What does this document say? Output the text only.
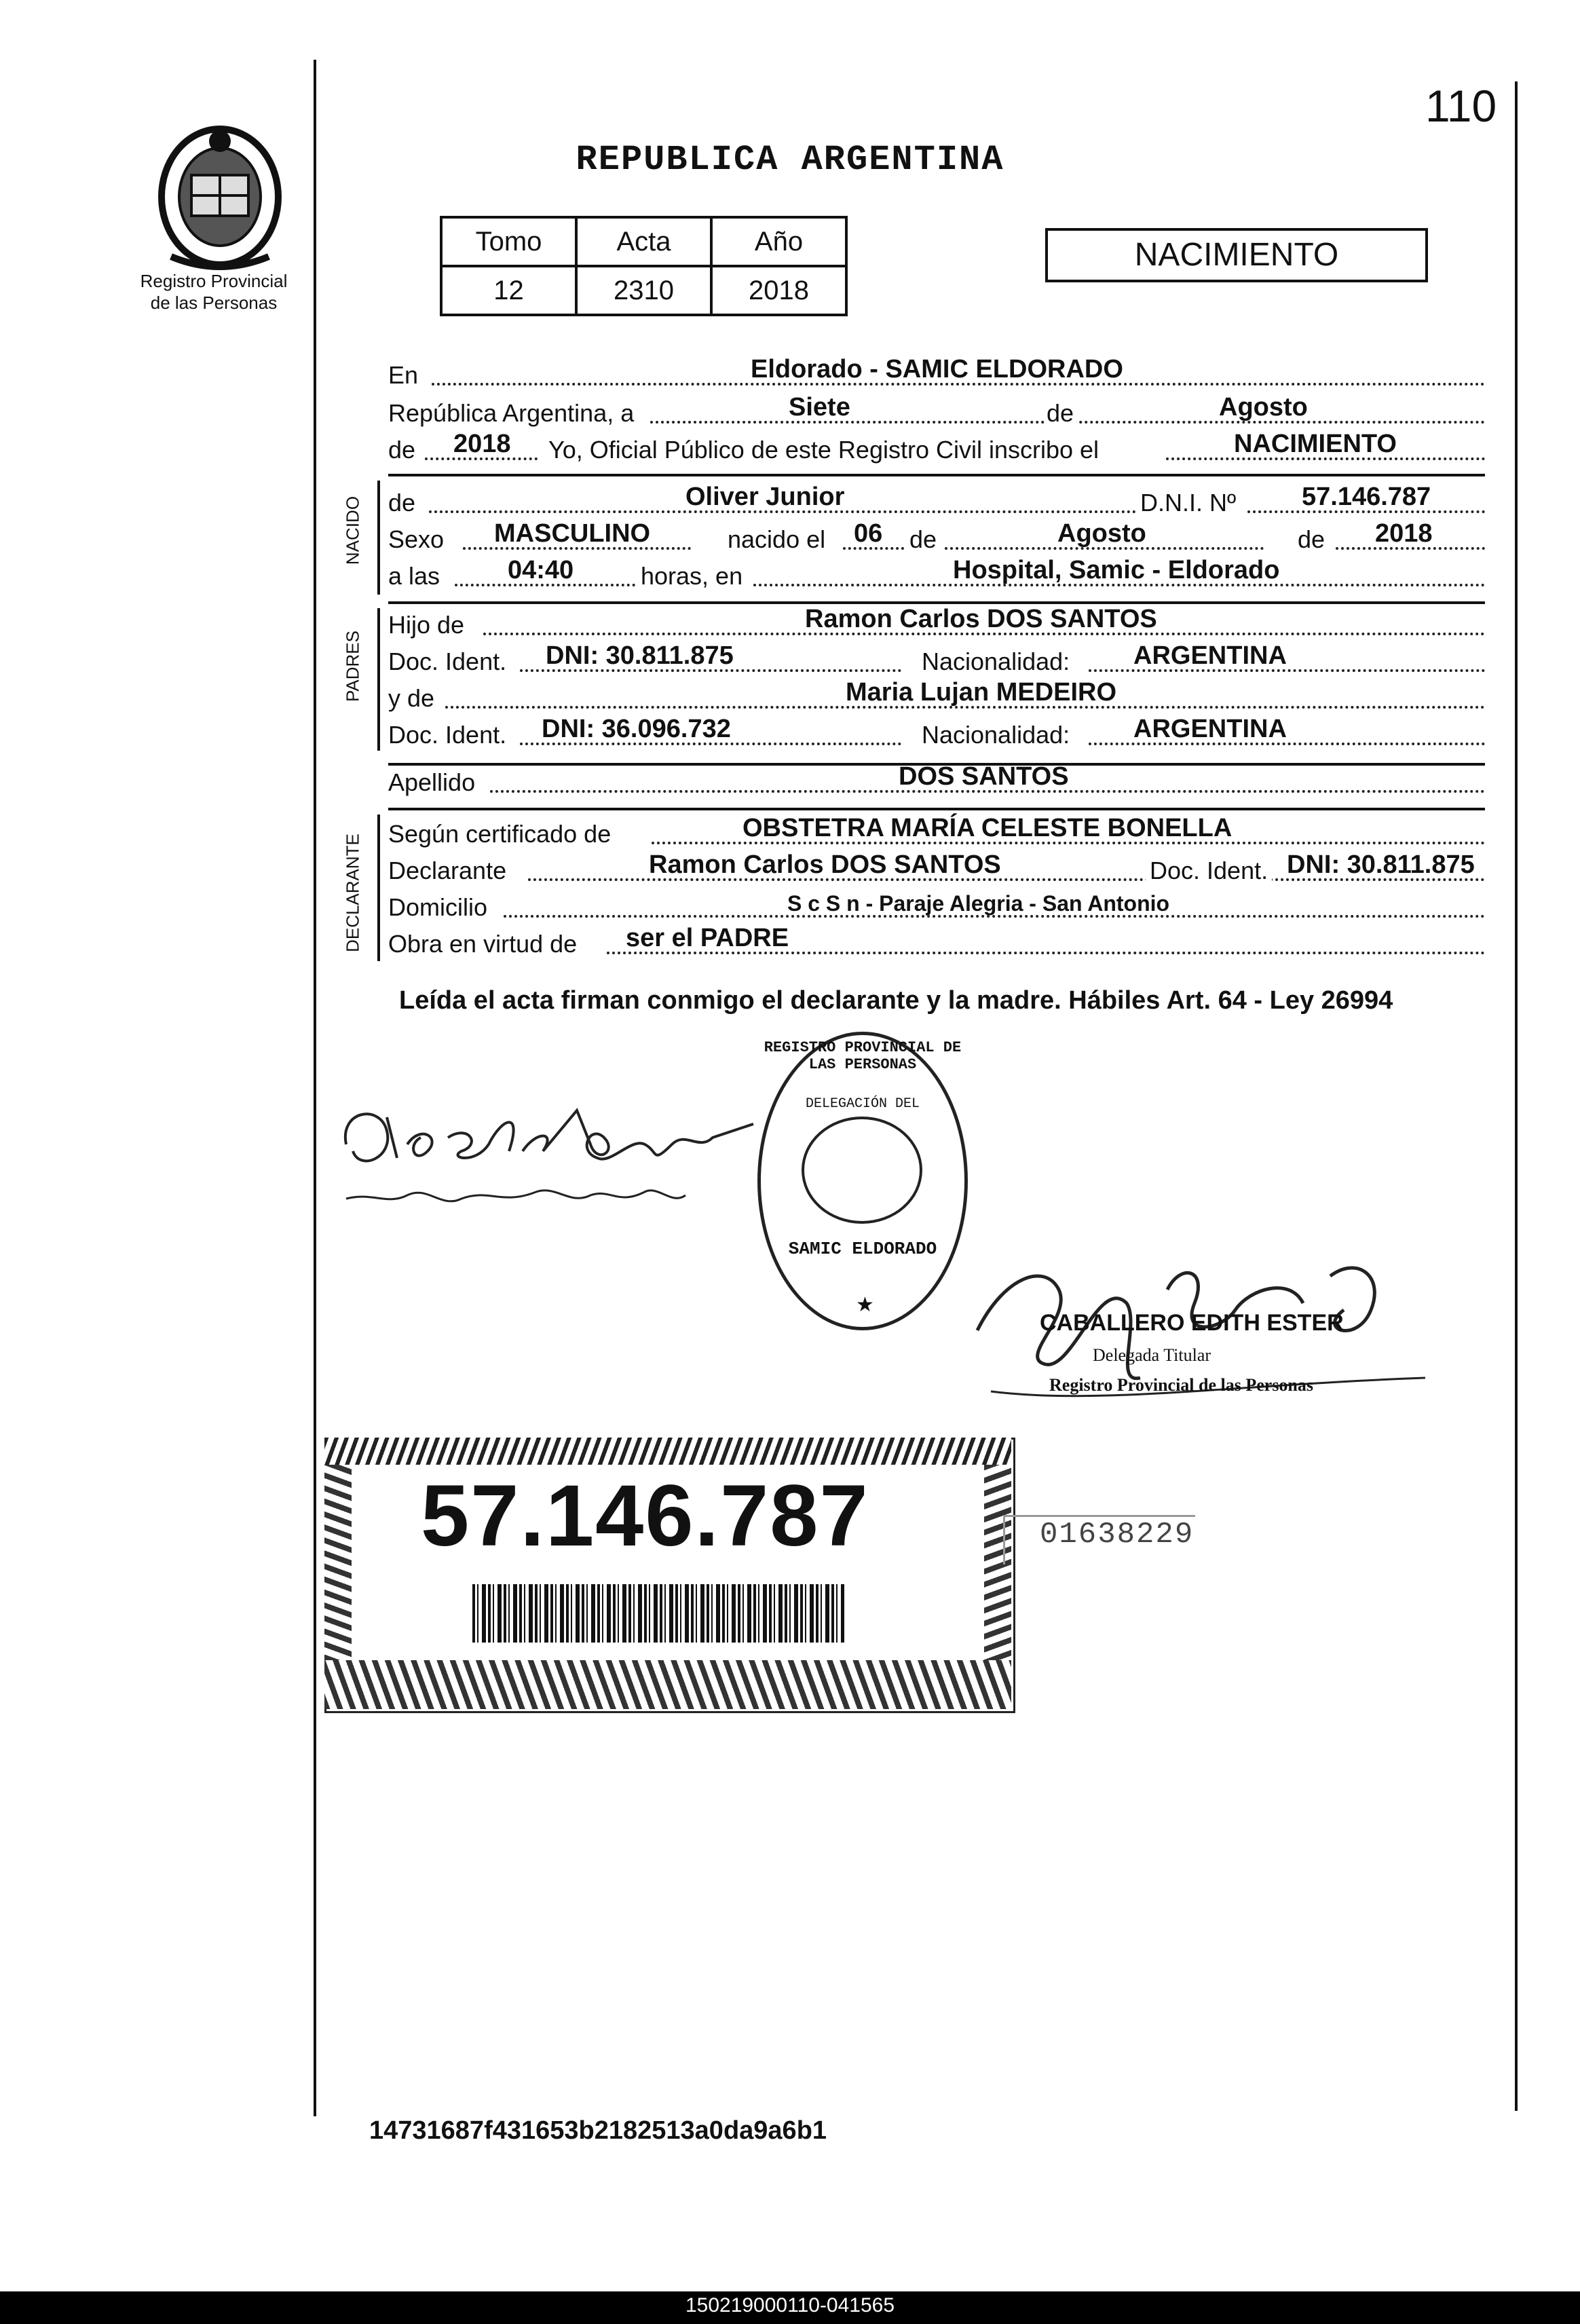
110
Registro Provincial
de las Personas
REPUBLICA ARGENTINA
Tomo	Acta	Año
12	2310	2018
NACIMIENTO
En	Eldorado - SAMIC ELDORADO
República Argentina, a	Siete	de	Agosto
de 2018 Yo, Oficial Público de este Registro Civil inscribo el	NACIMIENTO
NACIDO de	Oliver Junior	D.N.I. Nº	57.146.787
Sexo MASCULINO	nacido el 06 de	Agosto	de 2018
a las	04:40	horas, en	Hospital, Samic - Eldorado
PADRES
Hijo de	Ramon Carlos DOS SANTOS
Doc. Ident. DNI: 30.811.875	Nacionalidad: ARGENTINA
y de	Maria Lujan MEDEIRO
Doc. Ident. DNI: 36.096.732	Nacionalidad: ARGENTINA
Apellido	DOS SANTOS
DECLARANTE Según certificado de	OBSTETRA MARÍA CELESTE BONELLA
Declarante	Ramon Carlos DOS SANTOS	Doc. Ident. DNI: 30.811.875
Domicilio	S c S n - Paraje Alegria - San Antonio
Obra en virtud de ser el PADRE
Leída el acta firman conmigo el declarante y la madre. Hábiles Art. 64 - Ley 26994
REGISTRO PROVINCIAL DE LAS PERSONAS
DELEGACIÓN DEL
SAMIC ELDORADO
★
CABALLERO EDITH ESTER
Delegada Titular
Registro Provincial de las Personas
57.146.787	01638229
14731687f431653b2182513a0da9a6b1
150219000110-041565
